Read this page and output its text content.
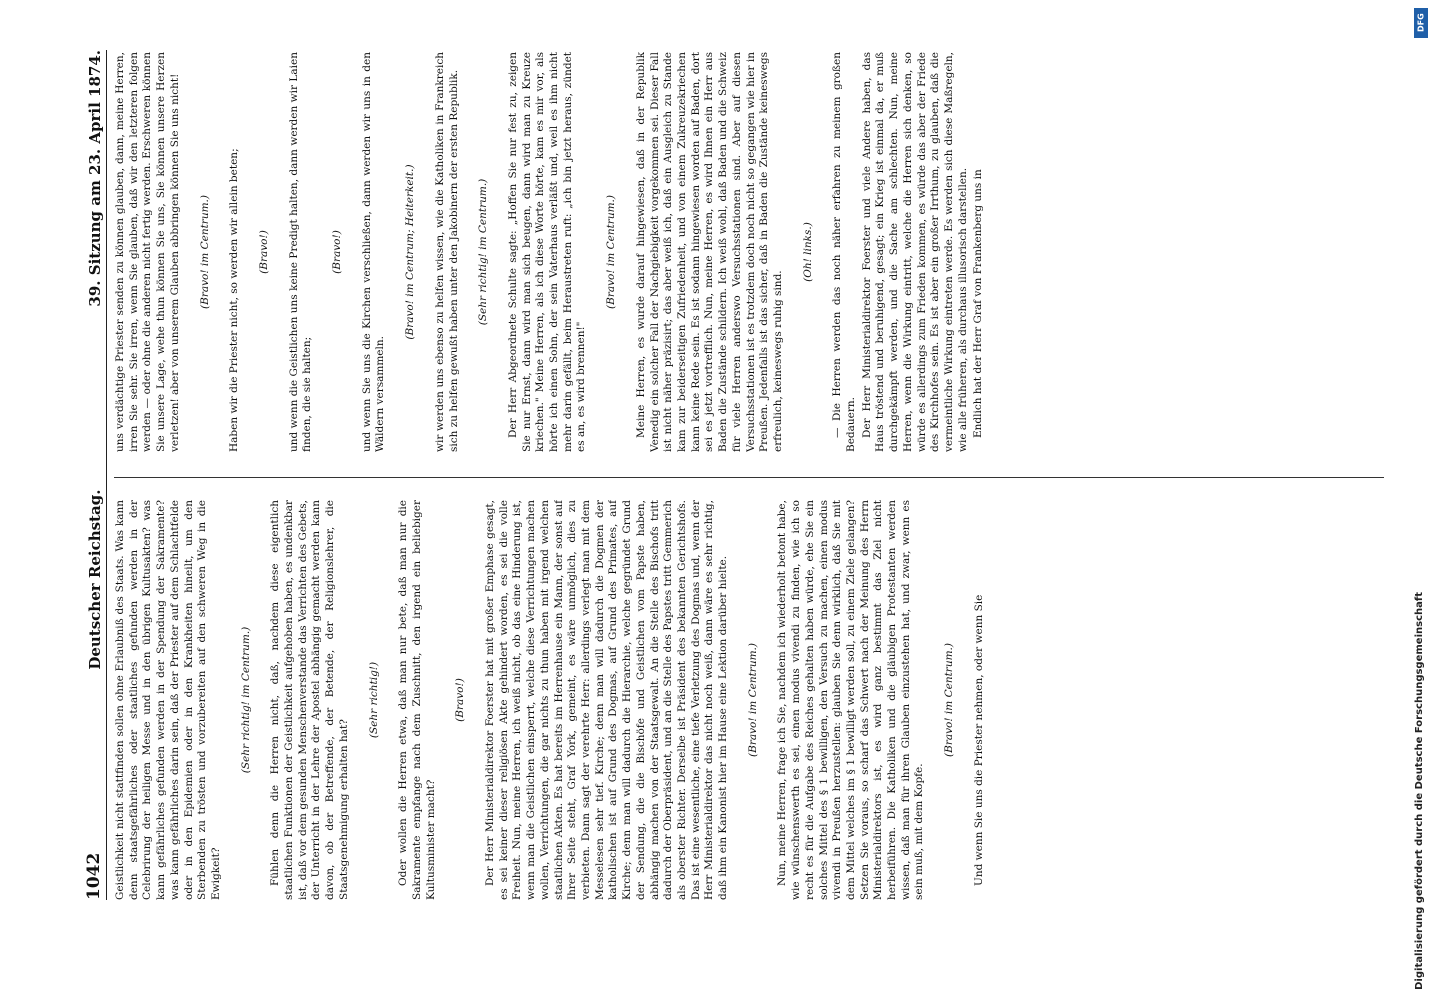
1042
Deutscher Reichstag.
39. Sitzung am 23. April 1874.

Geistlichkeit nicht stattfinden sollen ohne Erlaubniß des Staats. Was kann denn staatsgefährliches oder staatliches gefunden werden in der Celebrirung der heiligen Messe und in den übrigen Kultusakten? was kann gefährliches gefunden werden in der Spendung der Sakramente? was kann gefährliches darin sein, daß der Priester auf dem Schlachtfelde oder in den Epidemien oder in den Krankheiten hineilt, um den Sterbenden zu trösten und vorzubereiten auf den schweren Weg in die Ewigkeit?

(Sehr richtig! im Centrum.) Fühlen denn die Herren nicht, daß, nachdem diese eigentlich staatlichen Funktionen der Geistlichkeit aufgehoben haben, es undenkbar ist, daß vor dem gesunden Menschenverstande das Verrichten des Gebets, der Unterricht in der Lehre der Apostel abhängig gemacht werden kann davon, ob der Betreffende, der Betende, der Religionslehrer, die Staatsgenehmigung erhalten hat?

(Sehr richtig!) Oder wollen die Herren etwa, daß man nur bete, daß man nur die Sakramente empfange nach dem Zuschnitt, den irgend ein beliebiger Kultusminister macht?

(Bravo!) Der Herr Ministerialdirektor Foerster hat mit großer Emphase gesagt, es sei keiner dieser religiösen Akte gehindert worden, es sei die volle Freiheit. Nun, meine Herren, ich weiß nicht, ob das eine Hinderung ist, wenn man die Geistlichen einsperrt, welche diese Verrichtungen machen wollen, Verrichtungen, die gar nichts zu thun haben mit irgend welchen staatlichen Akten. Es hat bereits im Herrenhause ein Mann, der sonst auf Ihrer Seite steht, Graf York, gemeint, es wäre unmöglich, dies zu verbieten. Dann sagt der verehrte Herr: allerdings verlegt man mit dem Messelesen sehr tief. Kirche; denn man will dadurch die Dogmen der katholischen ist auf Grund des Dogmas, auf Grund des Primates, auf Kirche; denn man will dadurch die Hierarchie, welche gegründet Grund der Sendung, die die Bischöfe und Geistlichen vom Papste haben, abhängig machen von der Staatsgewalt. An die Stelle des Bischofs tritt dadurch der Oberpräsident, und an die Stelle des Papstes tritt Gemmerich als oberster Richter. Derselbe ist Präsident des bekannten Gerichtshofs. Das ist eine wesentliche, eine tiefe Verletzung des Dogmas und, wenn der Herr Ministerialdirektor das nicht noch weiß, dann wäre es sehr richtig, daß ihm ein Kanonist hier im Hause eine Lektion darüber hielte. (Bravo! im Centrum.) Nun, meine Herren, frage ich Sie, nachdem ich wiederholt betont habe, wie wünschenswerth es sei, einen modus vivendi zu finden, wie ich so recht es für die Aufgabe des Reiches gehalten haben würde, ehe Sie ein solches Mittel des § 1 bewilligen, den Versuch zu machen, einen modus vivendi in Preußen herzustellen: glauben Sie denn wirklich, daß Sie mit dem Mittel welches im § 1 bewilligt werden soll, zu einem Ziele gelangen? Setzen Sie voraus, so scharf das Schwert nach der Meinung des Herrn Ministerialdirektors ist, es wird ganz bestimmt das Ziel nicht herbeiführen. Die Katholiken und die gläubigen Protestanten werden wissen, daß man für ihren Glauben einzustehen hat, und zwar, wenn es sein muß, mit dem Kopfe.

(Bravo! im Centrum.) Und wenn Sie uns die Priester nehmen, oder wenn Sie

uns verdächtige Priester senden zu können glauben, dann, meine Herren, irren Sie sehr. Sie irren, wenn Sie glauben, daß wir den letzteren folgen werden — oder ohne die anderen nicht fertig werden. Erschweren können Sie unsere Lage, wehe thun können Sie uns, Sie können unsere Herzen verletzen! aber von unserem Glauben abbringen können Sie uns nicht! (Bravo! im Centrum.) Haben wir die Priester nicht, so werden wir allein beten; (Bravo!) und wenn die Geistlichen uns keine Predigt halten, dann werden wir Laien finden, die sie halten;

(Bravo!) und wenn Sie uns die Kirchen verschließen, dann werden wir uns in den Wäldern versammeln.

(Bravo! im Centrum; Heiterkeit.) wir werden uns ebenso zu helfen wissen, wie die Katholiken in Frankreich sich zu helfen gewußt haben unter den Jakobinern der ersten Republik. (Sehr richtig! im Centrum.) Der Herr Abgeordnete Schulte sagte: „Hoffen Sie nur fest zu, zeigen Sie nur Ernst, dann wird man sich beugen, dann wird man zu Kreuze kriechen." Meine Herren, als ich diese Worte hörte, kam es mir vor, als hörte ich einen Sohn, der sein Vaterhaus verläßt und, weil es ihm nicht mehr darin gefällt, beim Heraustreten ruft: „ich bin jetzt heraus, zündet es an, es wird brennen!"

(Bravo! im Centrum.) Meine Herren, es wurde darauf hingewiesen, daß in der Republik Venedig ein solcher Fall der Nachgiebigkeit vorgekommen sei. Dieser Fall ist nicht näher präzisirt; das aber weiß ich, daß ein Ausgleich zu Stande kam zur beiderseitigen Zufriedenheit, und von einem Zukreuzekriechen kann keine Rede sein. Es ist sodann hingewiesen worden auf Baden, dort sei es jetzt vortrefflich. Nun, meine Herren, es wird Ihnen ein Herr aus Baden die Zustände schildern. Ich weiß wohl, daß Baden und die Schweiz für viele Herren anderswo Versuchsstationen sind. Aber auf diesen Versuchsstationen ist es trotzdem doch noch nicht so gegangen wie hier in Preußen. Jedenfalls ist das sicher, daß in Baden die Zustände keineswegs erfreulich, keineswegs ruhig sind.

(Oh! links.) — Die Herren werden das noch näher erfahren zu meinem großen Bedauern. Der Herr Ministerialdirektor Foerster und viele Andere haben, das Haus tröstend und beruhigend, gesagt; ein Krieg ist einmal da, er muß durchgekämpft werden, und die Sache am schlechten. Nun, meine Herren, wenn die Wirkung eintritt, welche die Herren sich denken, so würde es allerdings zum Frieden kommen, es würde das aber der Friede des Kirchhofes sein. Es ist aber ein großer Irrthum, zu glauben, daß die vermeintliche Wirkung eintreten werde. Es werden sich diese Maßregeln, wie alle früheren, als durchaus illusorisch darstellen. Endlich hat der Herr Graf von Frankenberg uns in

DFG
Digitalisierung gefördert durch die Deutsche Forschungsgemeinschaft
